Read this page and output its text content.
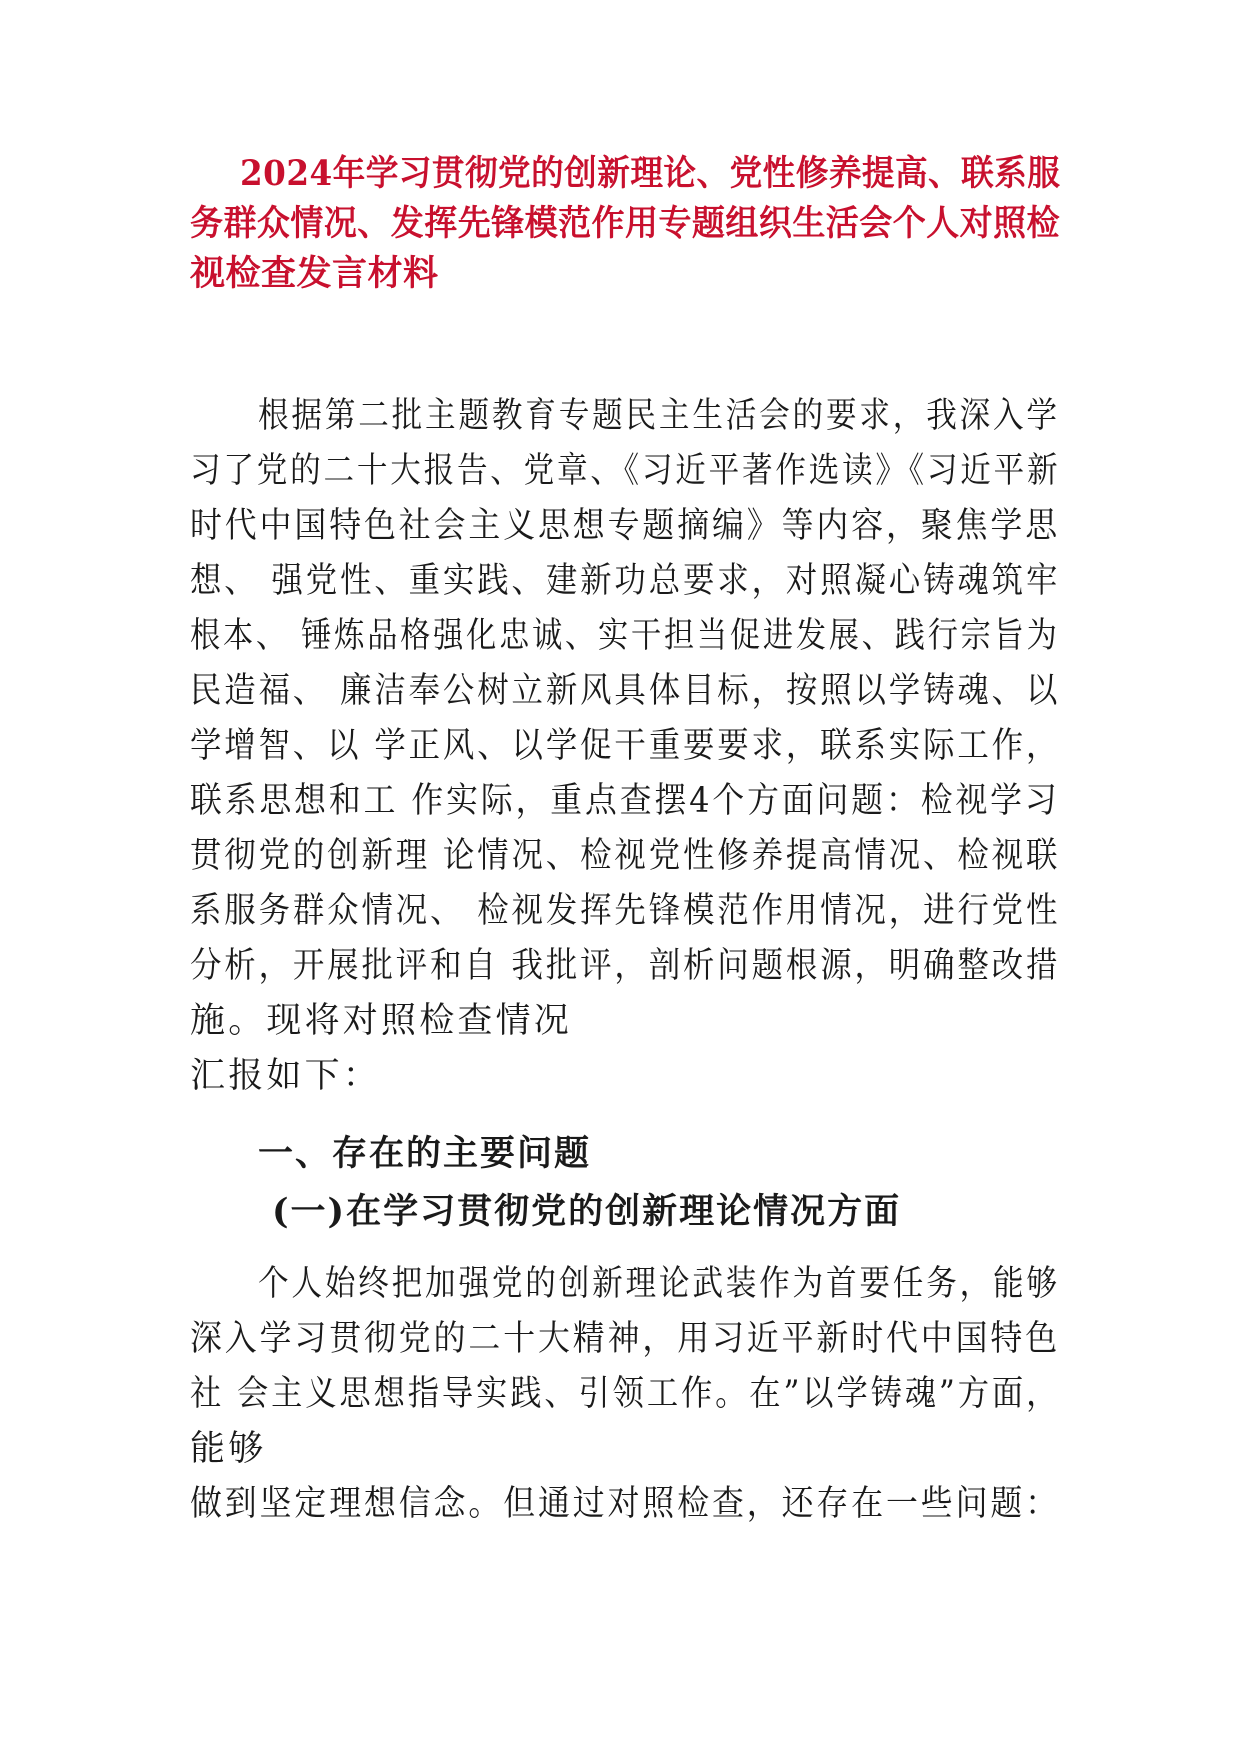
2024年学习贯彻党的创新理论、党性修养提高、联系服
务群众情况、发挥先锋模范作用专题组织生活会个人对照检
视检查发言材料
根据第二批主题教育专题民主生活会的要求，我深入学
习了党的二十大报告、党章、《习近平著作选读》《习近平新
时代中国特色社会主义思想专题摘编》等内容，聚焦学思
想、 强党性、重实践、建新功总要求，对照凝心铸魂筑牢
根本、 锤炼品格强化忠诚、实干担当促进发展、践行宗旨为
民造福、 廉洁奉公树立新风具体目标，按照以学铸魂、以
学增智、以 学正风、以学促干重要要求，联系实际工作，
联系思想和工 作实际，重点查摆4个方面问题：检视学习
贯彻党的创新理 论情况、检视党性修养提高情况、检视联
系服务群众情况、 检视发挥先锋模范作用情况，进行党性
分析，开展批评和自 我批评，剖析问题根源，明确整改措
施。现将对照检查情况
汇报如下：
一、存在的主要问题
(一)在学习贯彻党的创新理论情况方面
个人始终把加强党的创新理论武装作为首要任务，能够
深入学习贯彻党的二十大精神，用习近平新时代中国特色
社 会主义思想指导实践、引领工作。在”以学铸魂”方面，
能够
做到坚定理想信念。但通过对照检查，还存在一些问题：
